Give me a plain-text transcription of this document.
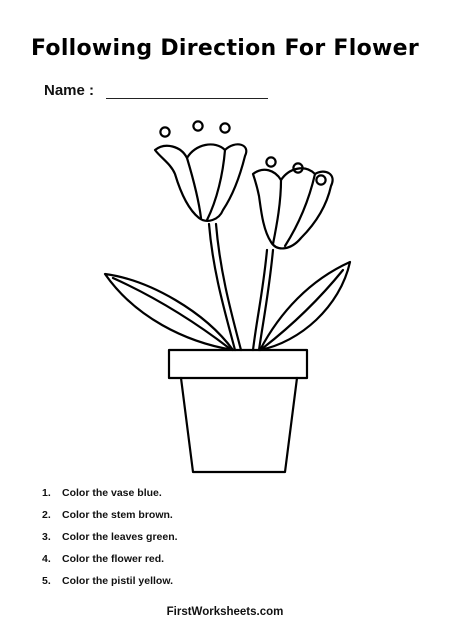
Following Direction For Flower
Name :
1.	Color the vase blue.
2.	Color the stem brown.
3.	Color the leaves green.
4.	Color the flower red.
5.	Color the pistil yellow.
FirstWorksheets.com
